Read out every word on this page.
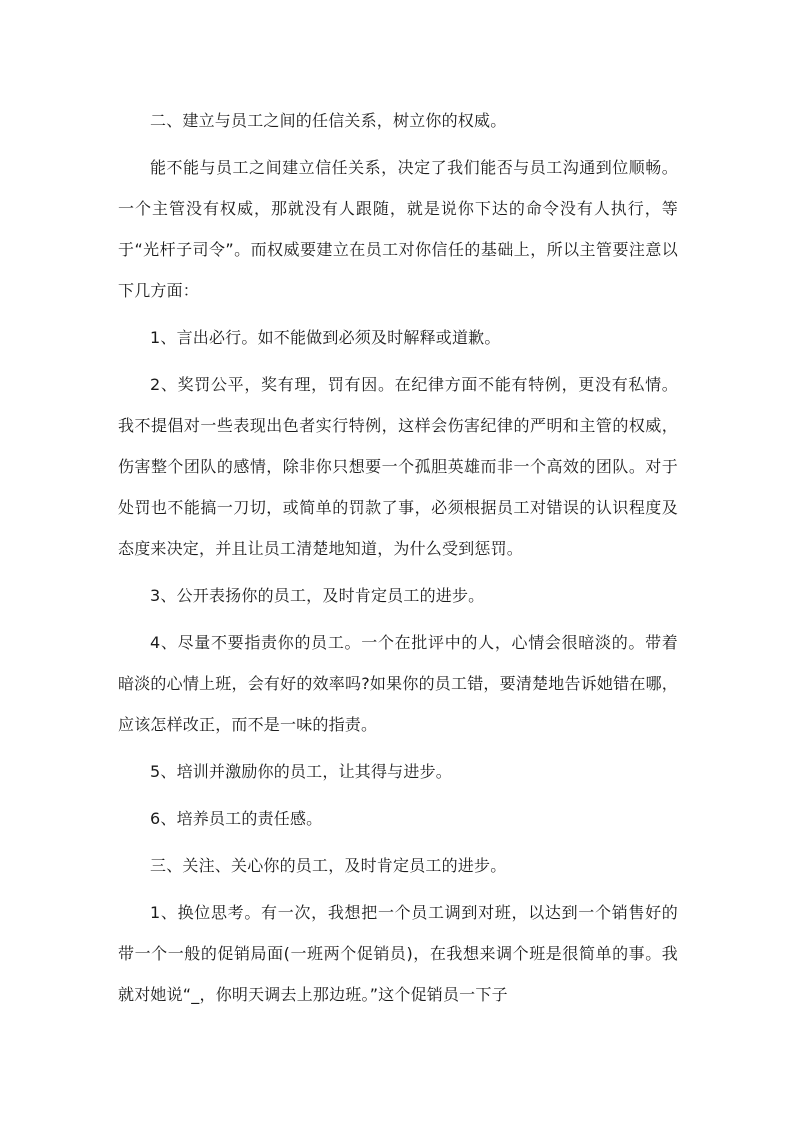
二、建立与员工之间的任信关系，树立你的权威。

能不能与员工之间建立信任关系，决定了我们能否与员工沟通到位顺畅。一个主管没有权威，那就没有人跟随，就是说你下达的命令没有人执行，等于“光杆子司令”。而权威要建立在员工对你信任的基础上，所以主管要注意以下几方面：

1、言出必行。如不能做到必须及时解释或道歉。

2、奖罚公平，奖有理，罚有因。在纪律方面不能有特例，更没有私情。我不提倡对一些表现出色者实行特例，这样会伤害纪律的严明和主管的权威，伤害整个团队的感情，除非你只想要一个孤胆英雄而非一个高效的团队。对于处罚也不能搞一刀切，或简单的罚款了事，必须根据员工对错误的认识程度及态度来决定，并且让员工清楚地知道，为什么受到惩罚。

3、公开表扬你的员工，及时肯定员工的进步。

4、尽量不要指责你的员工。一个在批评中的人，心情会很暗淡的。带着暗淡的心情上班，会有好的效率吗?如果你的员工错，要清楚地告诉她错在哪，应该怎样改正，而不是一味的指责。

5、培训并激励你的员工，让其得与进步。

6、培养员工的责任感。

三、关注、关心你的员工，及时肯定员工的进步。

1、换位思考。有一次，我想把一个员工调到对班，以达到一个销售好的带一个一般的促销局面(一班两个促销员)，在我想来调个班是很简单的事。我就对她说“_，你明天调去上那边班。”这个促销员一下子
